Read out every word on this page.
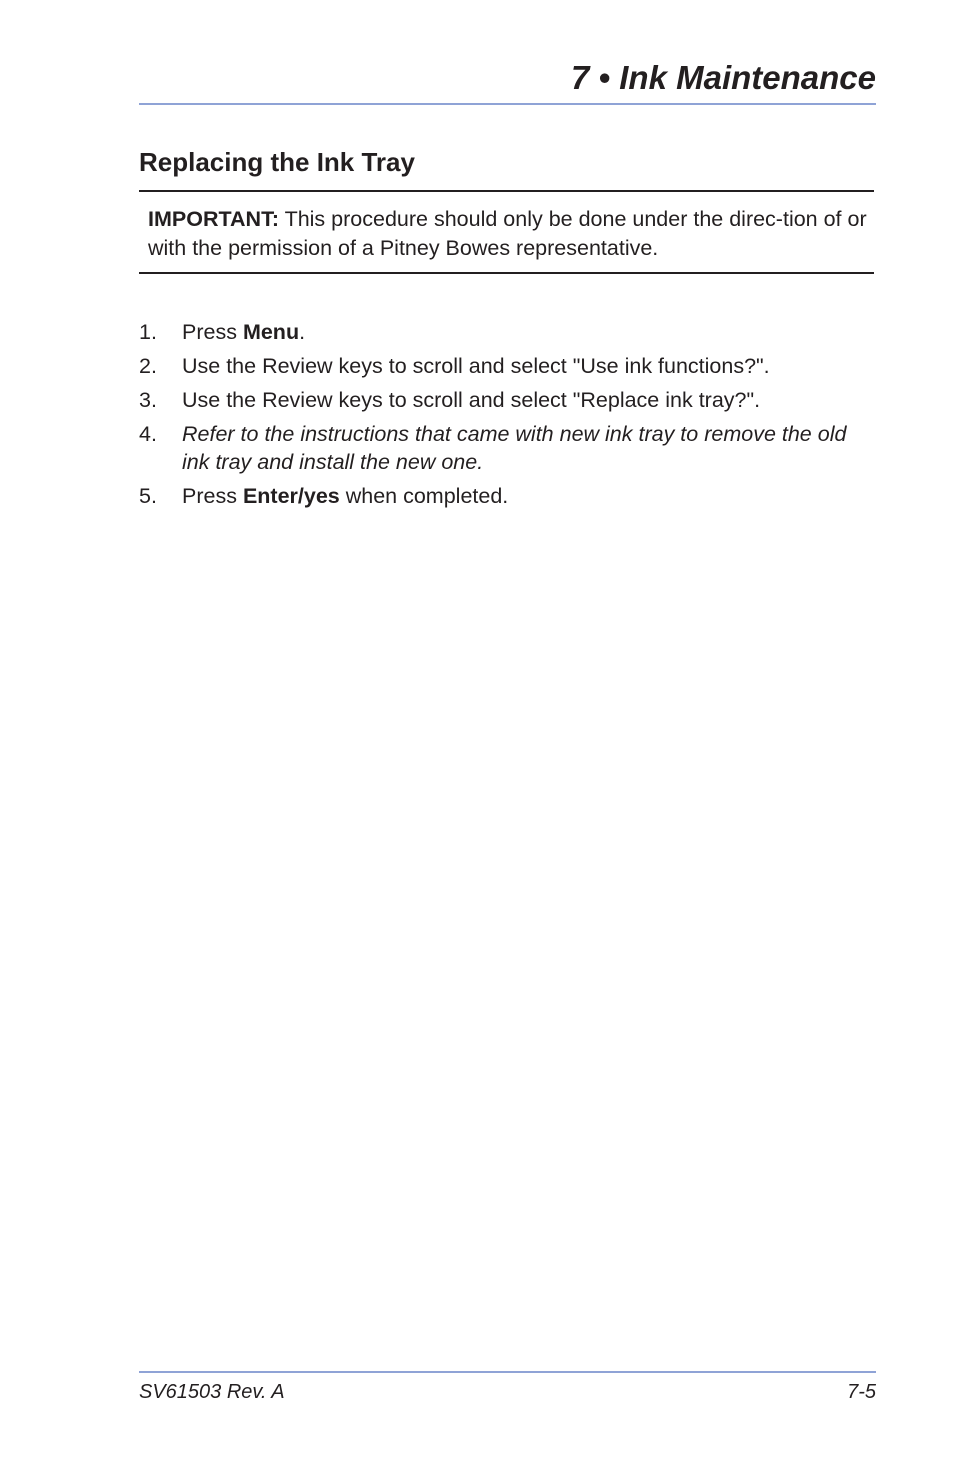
7 • Ink Maintenance
Replacing the Ink Tray

IMPORTANT: This procedure should only be done under the direc-tion of or with the permission of a Pitney Bowes representative.

1. Press Menu.
2. Use the Review keys to scroll and select "Use ink functions?".
3. Use the Review keys to scroll and select "Replace ink tray?".
4. Refer to the instructions that came with new ink tray to remove the old ink tray and install the new one.
5. Press Enter/yes when completed.

SV61503 Rev. A	7-5
